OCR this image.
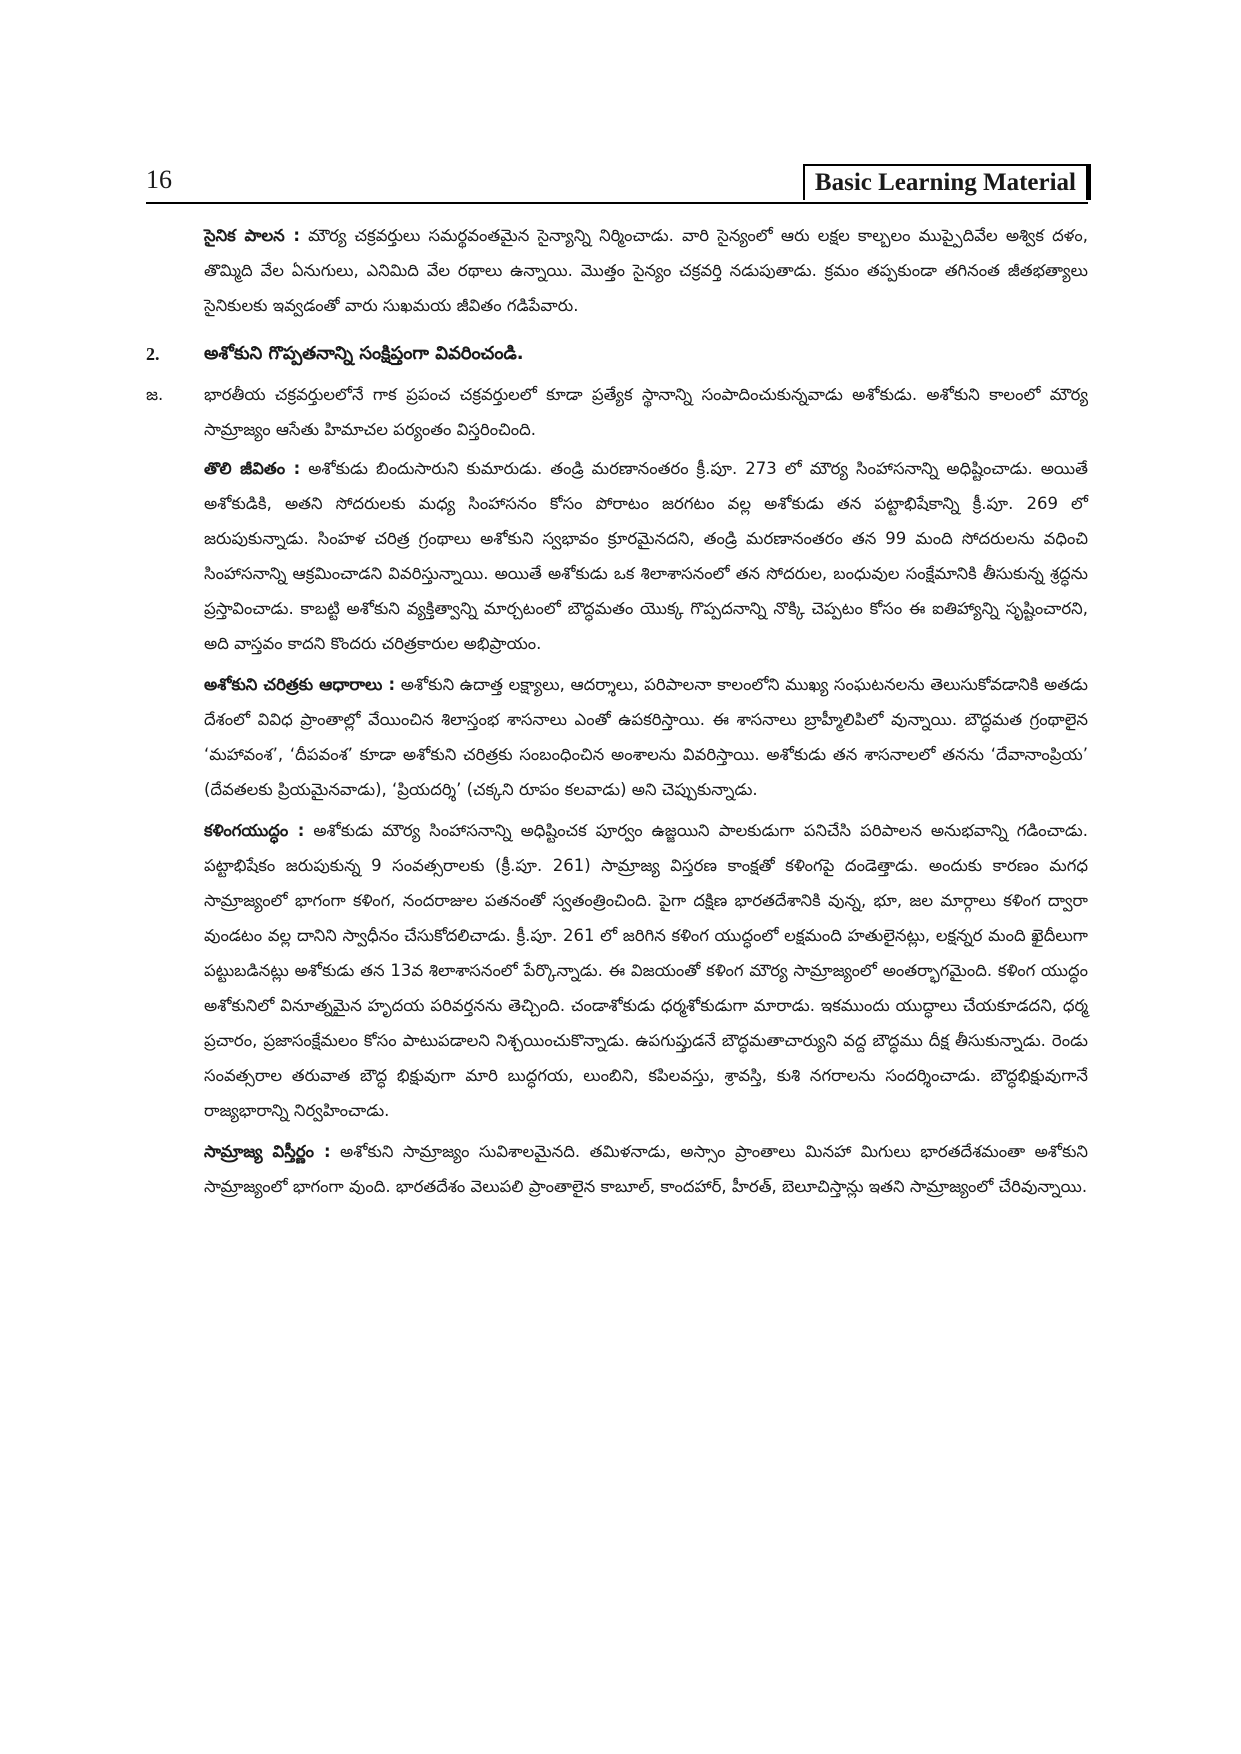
16	Basic Learning Material

సైనిక పాలన : మౌర్య చక్రవర్తులు సమర్థవంతమైన సైన్యాన్ని నిర్మించాడు. వారి సైన్యంలో ఆరు లక్షల కాల్బలం ముప్పైదివేల అశ్విక దళం, తొమ్మిది వేల ఏనుగులు, ఎనిమిది వేల రథాలు ఉన్నాయి. మొత్తం సైన్యం చక్రవర్తి నడుపుతాడు. క్రమం తప్పకుండా తగినంత జీతభత్యాలు సైనికులకు ఇవ్వడంతో వారు సుఖమయ జీవితం గడిపేవారు.

2.	అశోకుని గొప్పతనాన్ని సంక్షిప్తంగా వివరించండి.
జ.	భారతీయ చక్రవర్తులలోనే గాక ప్రపంచ చక్రవర్తులలో కూడా ప్రత్యేక స్థానాన్ని సంపాదించుకున్నవాడు అశోకుడు. అశోకుని కాలంలో మౌర్య సామ్రాజ్యం ఆసేతు హిమాచల పర్యంతం విస్తరించింది.

తొలి జీవితం : అశోకుడు బిందుసారుని కుమారుడు. తండ్రి మరణానంతరం క్రీ.పూ. 273 లో మౌర్య సింహాసనాన్ని అధిష్టించాడు. అయితే అశోకుడికి, అతని సోదరులకు మధ్య సింహాసనం కోసం పోరాటం జరగటం వల్ల అశోకుడు తన పట్టాభిషేకాన్ని క్రీ.పూ. 269 లో జరుపుకున్నాడు. సింహళ చరిత్ర గ్రంథాలు అశోకుని స్వభావం క్రూరమైనదని, తండ్రి మరణానంతరం తన 99 మంది సోదరులను వధించి సింహాసనాన్ని ఆక్రమించాడని వివరిస్తున్నాయి. అయితే అశోకుడు ఒక శిలాశాసనంలో తన సోదరుల, బంధువుల సంక్షేమానికి తీసుకున్న శ్రద్ధను ప్రస్తావించాడు. కాబట్టి అశోకుని వ్యక్తిత్వాన్ని మార్చటంలో బౌద్ధమతం యొక్క గొప్పదనాన్ని నొక్కి చెప్పటం కోసం ఈ ఐతిహ్యాన్ని సృష్టించారని, అది వాస్తవం కాదని కొందరు చరిత్రకారుల అభిప్రాయం.

అశోకుని చరిత్రకు ఆధారాలు : అశోకుని ఉదాత్త లక్ష్యాలు, ఆదర్శాలు, పరిపాలనా కాలంలోని ముఖ్య సంఘటనలను తెలుసుకోవడానికి అతడు దేశంలో వివిధ ప్రాంతాల్లో వేయించిన శిలాస్తంభ శాసనాలు ఎంతో ఉపకరిస్తాయి. ఈ శాసనాలు బ్రాహ్మీలిపిలో వున్నాయి. బౌద్ధమత గ్రంథాలైన ‘మహావంశ’, ‘దీపవంశ’ కూడా అశోకుని చరిత్రకు సంబంధించిన అంశాలను వివరిస్తాయి. అశోకుడు తన శాసనాలలో తనను ‘దేవానాంప్రియ’ (దేవతలకు ప్రియమైనవాడు), ‘ప్రియదర్శి’ (చక్కని రూపం కలవాడు) అని చెప్పుకున్నాడు.

కళింగయుద్ధం : అశోకుడు మౌర్య సింహాసనాన్ని అధిష్టించక పూర్వం ఉజ్జయిని పాలకుడుగా పనిచేసి పరిపాలన అనుభవాన్ని గడించాడు. పట్టాభిషేకం జరుపుకున్న 9 సంవత్సరాలకు (క్రీ.పూ. 261) సామ్రాజ్య విస్తరణ కాంక్షతో కళింగపై దండెత్తాడు. అందుకు కారణం మగధ సామ్రాజ్యంలో భాగంగా కళింగ, నందరాజుల పతనంతో స్వతంత్రించింది. పైగా దక్షిణ భారతదేశానికి వున్న, భూ, జల మార్గాలు కళింగ ద్వారా వుండటం వల్ల దానిని స్వాధీనం చేసుకోదలిచాడు. క్రీ.పూ. 261 లో జరిగిన కళింగ యుద్ధంలో లక్షమంది హతులైనట్లు, లక్షన్నర మంది ఖైదీలుగా పట్టుబడినట్లు అశోకుడు తన 13వ శిలాశాసనంలో పేర్కొన్నాడు. ఈ విజయంతో కళింగ మౌర్య సామ్రాజ్యంలో అంతర్భాగమైంది. కళింగ యుద్ధం అశోకునిలో వినూత్నమైన హృదయ పరివర్తనను తెచ్చింది. చండాశోకుడు ధర్మశోకుడుగా మారాడు. ఇకముందు యుద్ధాలు చేయకూడదని, ధర్మ ప్రచారం, ప్రజాసంక్షేమలం కోసం పాటుపడాలని నిశ్చయించుకొన్నాడు. ఉపగుప్తుడనే బౌద్ధమతాచార్యుని వద్ద బౌద్ధము దీక్ష తీసుకున్నాడు. రెండు సంవత్సరాల తరువాత బౌద్ధ భిక్షువుగా మారి బుద్ధగయ, లుంబిని, కపిలవస్తు, శ్రావస్తి, కుశి నగరాలను సందర్శించాడు. బౌద్ధభిక్షువుగానే రాజ్యభారాన్ని నిర్వహించాడు.

సామ్రాజ్య విస్తీర్ణం : అశోకుని సామ్రాజ్యం సువిశాలమైనది. తమిళనాడు, అస్సాం ప్రాంతాలు మినహా మిగులు భారతదేశమంతా అశోకుని సామ్రాజ్యంలో భాగంగా వుంది. భారతదేశం వెలుపలి ప్రాంతాలైన కాబూల్, కాందహార్, హీరత్, బెలూచిస్తాన్లు ఇతని సామ్రాజ్యంలో చేరివున్నాయి.
